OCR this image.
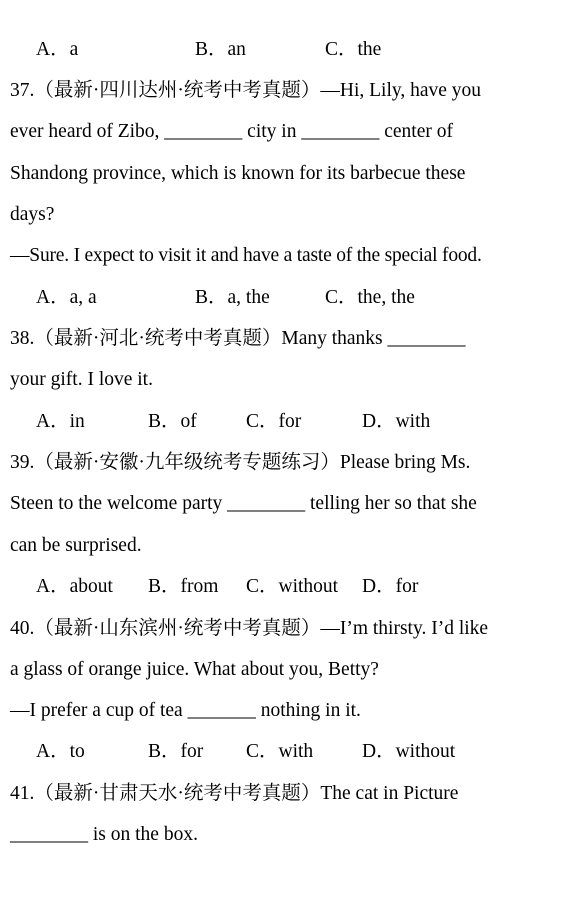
A．a	B．an	C．the
37.（最新·四川达州·统考中考真题）—Hi, Lily, have you
ever heard of Zibo, ________ city in ________ center of
Shandong province, which is known for its barbecue these
days?
—Sure. I expect to visit it and have a taste of the special food.
A．a, a	B．a, the	C．the, the
38.（最新·河北·统考中考真题）Many thanks ________
your gift. I love it.
A．in	B．of	C．for	D．with
39.（最新·安徽·九年级统考专题练习）Please bring Ms.
Steen to the welcome party ________ telling her so that she
can be surprised.
A．about B．from C．without D．for
40.（最新·山东滨州·统考中考真题）—I’m thirsty. I’d like
a glass of orange juice. What about you, Betty?
—I prefer a cup of tea _______ nothing in it.
A．to	B．for C．with	D．without
41.（最新·甘肃天水·统考中考真题）The cat in Picture
________ is on the box.
